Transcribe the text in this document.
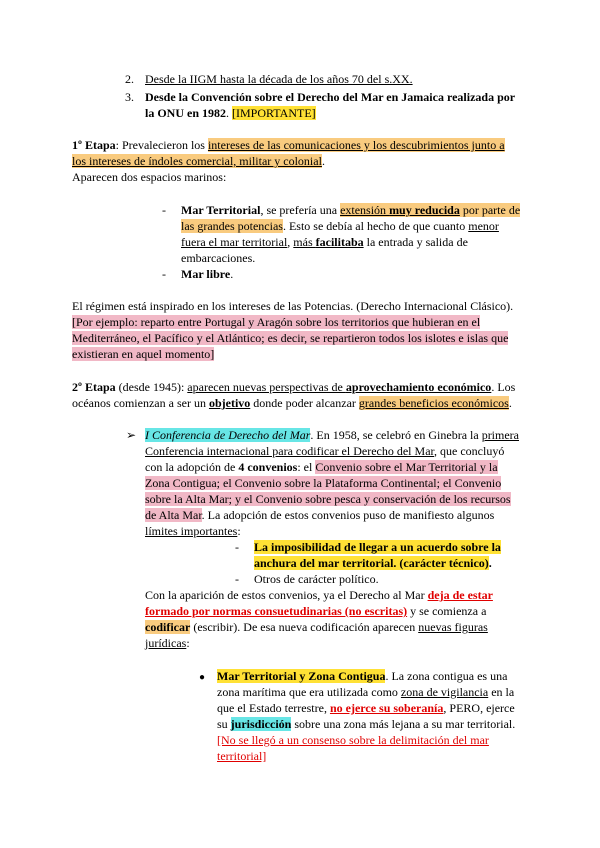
2. Desde la IIGM hasta la década de los años 70 del s.XX.
3. Desde la Convención sobre el Derecho del Mar en Jamaica realizada por
la ONU en 1982. [IMPORTANTE]
1º Etapa: Prevalecieron los intereses de las comunicaciones y los descubrimientos junto a
los intereses de índoles comercial, militar y colonial.
Aparecen dos espacios marinos:
- Mar Territorial, se prefería una extensión muy reducida por parte de
las grandes potencias. Esto se debía al hecho de que cuanto menor
fuera el mar territorial, más facilitaba la entrada y salida de
embarcaciones.
- Mar libre.
El régimen está inspirado en los intereses de las Potencias. (Derecho Internacional Clásico).
[Por ejemplo: reparto entre Portugal y Aragón sobre los territorios que hubieran en el
Mediterráneo, el Pacífico y el Atlántico; es decir, se repartieron todos los islotes e islas que
existieran en aquel momento]
2º Etapa (desde 1945): aparecen nuevas perspectivas de aprovechamiento económico. Los
océanos comienzan a ser un objetivo donde poder alcanzar grandes beneficios económicos.
➢ I Conferencia de Derecho del Mar. En 1958, se celebró en Ginebra la primera
Conferencia internacional para codificar el Derecho del Mar, que concluyó
con la adopción de 4 convenios: el Convenio sobre el Mar Territorial y la
Zona Contigua; el Convenio sobre la Plataforma Continental; el Convenio
sobre la Alta Mar; y el Convenio sobre pesca y conservación de los recursos
de Alta Mar. La adopción de estos convenios puso de manifiesto algunos
límites importantes:
- La imposibilidad de llegar a un acuerdo sobre la
anchura del mar territorial. (carácter técnico).
- Otros de carácter político.
Con la aparición de estos convenios, ya el Derecho al Mar deja de estar
formado por normas consuetudinarias (no escritas) y se comienza a
codificar (escribir). De esa nueva codificación aparecen nuevas figuras
jurídicas:
● Mar Territorial y Zona Contigua. La zona contigua es una
zona marítima que era utilizada como zona de vigilancia en la
que el Estado terrestre, no ejerce su soberanía, PERO, ejerce
su jurisdicción sobre una zona más lejana a su mar territorial.
[No se llegó a un consenso sobre la delimitación del mar
territorial]
